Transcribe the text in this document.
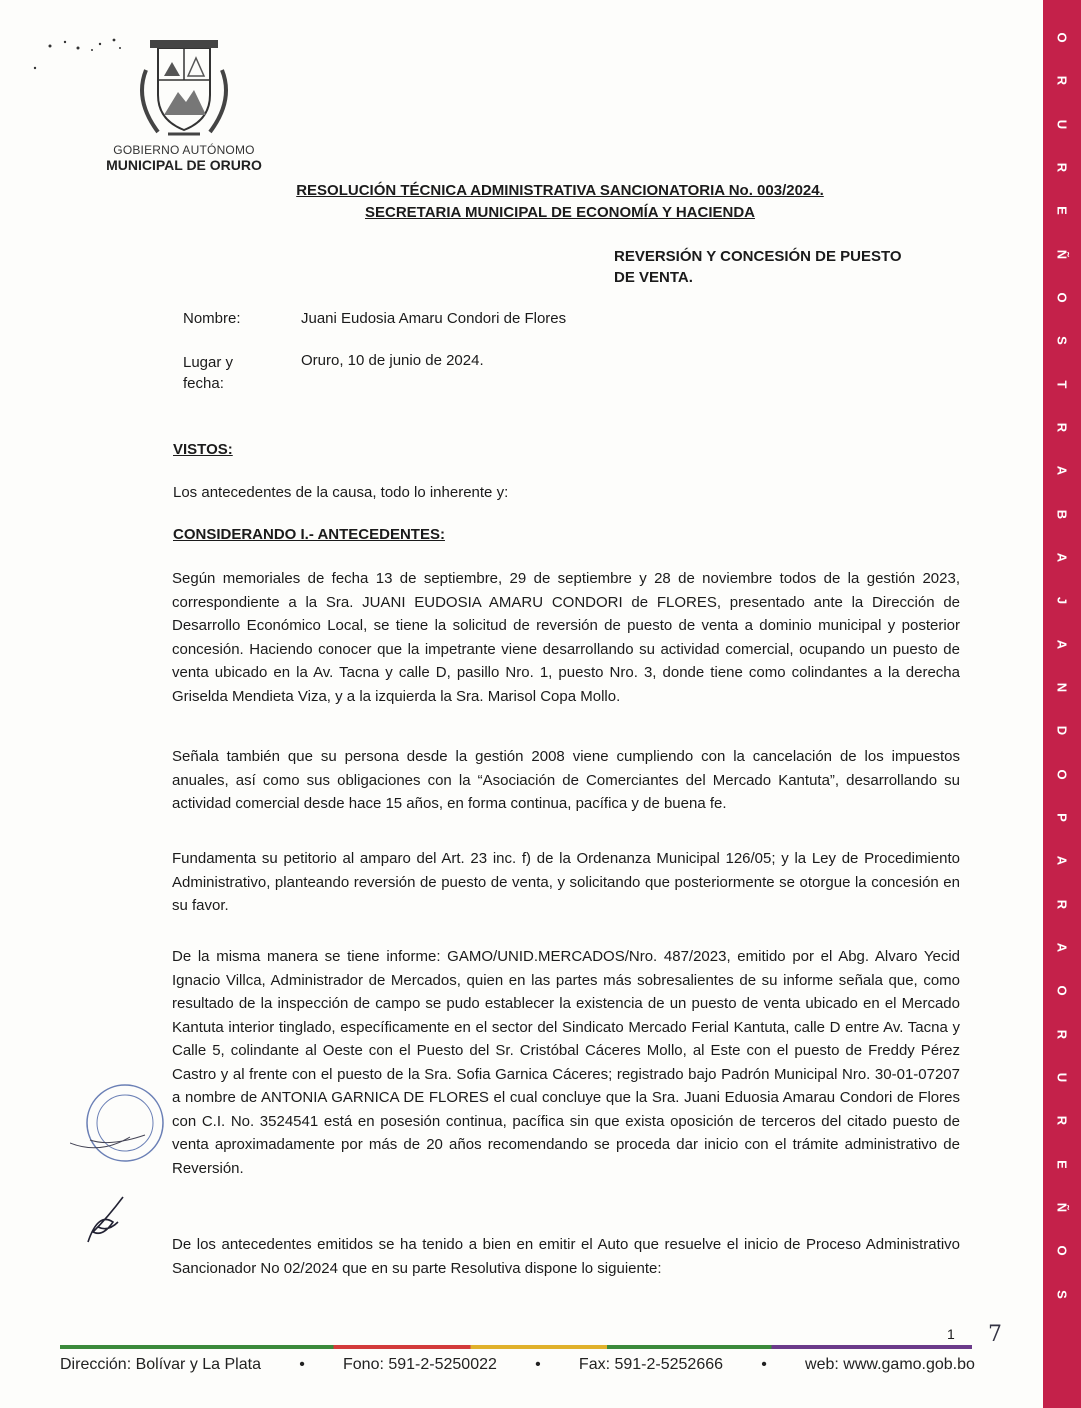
O
R
U
R
E
Ñ
O
S
T
R
A
B
A
J
A
N
D
O
P
A
R
A
O
R
U
R
E
Ñ
O
S
GOBIERNO AUTÓNOMO
MUNICIPAL DE ORURO
RESOLUCIÓN TÉCNICA ADMINISTRATIVA SANCIONATORIA No. 003/2024.
SECRETARIA MUNICIPAL DE ECONOMÍA Y HACIENDA
REVERSIÓN Y CONCESIÓN DE PUESTO
DE VENTA.
Nombre:	Juani Eudosia Amaru Condori de Flores
Lugar y
fecha:
Oruro, 10 de junio de 2024.
VISTOS:
Los antecedentes de la causa, todo lo inherente y:
CONSIDERANDO I.- ANTECEDENTES:
Según memoriales de fecha 13 de septiembre, 29 de septiembre y 28 de noviembre todos de la gestión 2023, correspondiente a la Sra. JUANI EUDOSIA AMARU CONDORI de FLORES, presentado ante la Dirección de Desarrollo Económico Local, se tiene la solicitud de reversión de puesto de venta a dominio municipal y posterior concesión. Haciendo conocer que la impetrante viene desarrollando su actividad comercial, ocupando un puesto de venta ubicado en la Av. Tacna y calle D, pasillo Nro. 1, puesto Nro. 3, donde tiene como colindantes a la derecha Griselda Mendieta Viza, y a la izquierda la Sra. Marisol Copa Mollo.
Señala también que su persona desde la gestión 2008 viene cumpliendo con la cancelación de los impuestos anuales, así como sus obligaciones con la “Asociación de Comerciantes del Mercado Kantuta”, desarrollando su actividad comercial desde hace 15 años, en forma continua, pacífica y de buena fe.
Fundamenta su petitorio al amparo del Art. 23 inc. f) de la Ordenanza Municipal 126/05; y la Ley de Procedimiento Administrativo, planteando reversión de puesto de venta, y solicitando que posteriormente se otorgue la concesión en su favor.
De la misma manera se tiene informe: GAMO/UNID.MERCADOS/Nro. 487/2023, emitido por el Abg. Alvaro Yecid Ignacio Villca, Administrador de Mercados, quien en las partes más sobresalientes de su informe señala que, como resultado de la inspección de campo se pudo establecer la existencia de un puesto de venta ubicado en el Mercado Kantuta interior tinglado, específicamente en el sector del Sindicato Mercado Ferial Kantuta, calle D entre Av. Tacna y Calle 5, colindante al Oeste con el Puesto del Sr. Cristóbal Cáceres Mollo, al Este con el puesto de Freddy Pérez Castro y al frente con el puesto de la Sra. Sofia Garnica Cáceres; registrado bajo Padrón Municipal Nro. 30-01-07207 a nombre de ANTONIA GARNICA DE FLORES el cual concluye que la Sra. Juani Eduosia Amarau Condori de Flores con C.I. No. 3524541 está en posesión continua, pacífica sin que exista oposición de terceros del citado puesto de venta aproximadamente por más de 20 años recomendando se proceda dar inicio con el trámite administrativo de Reversión.
De los antecedentes emitidos se ha tenido a bien en emitir el Auto que resuelve el inicio de Proceso Administrativo Sancionador No 02/2024 que en su parte Resolutiva dispone lo siguiente:
1 7
Dirección: Bolívar y La Plata • Fono: 591-2-5250022 • Fax: 591-2-5252666 • web: www.gamo.gob.bo
